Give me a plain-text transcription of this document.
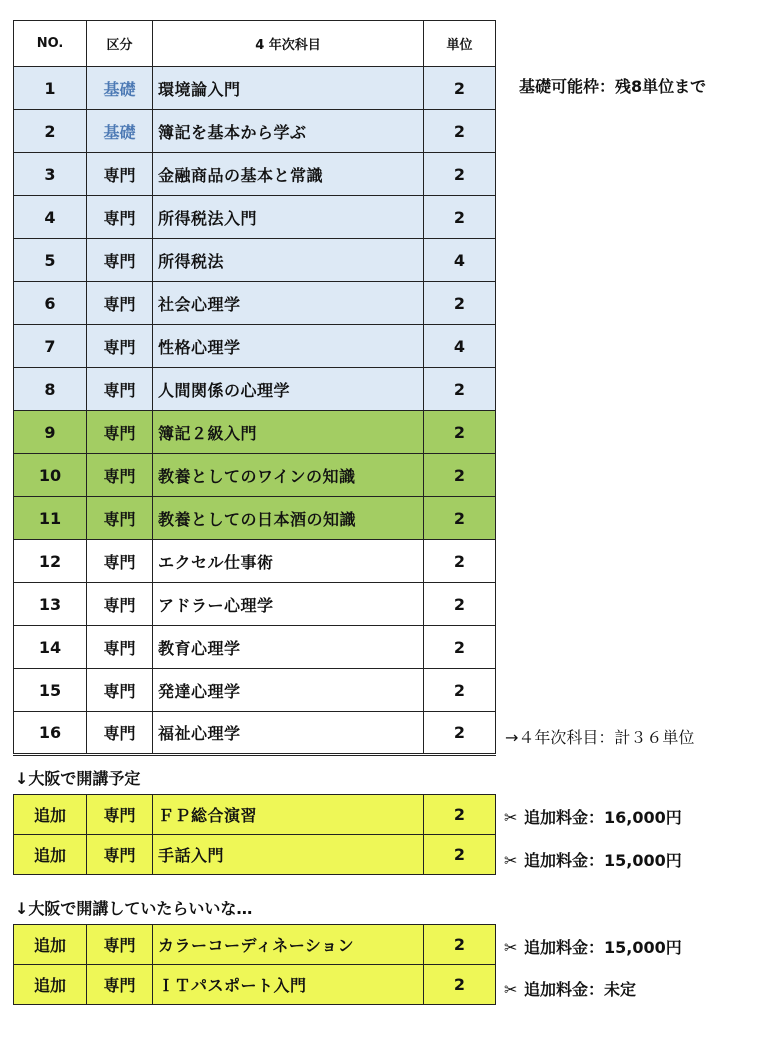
NO.	区分	4 年次科目	単位
1	基礎	環境論入門	2
2	基礎	簿記を基本から学ぶ	2
3	専門	金融商品の基本と常識	2
4	専門	所得税法入門	2
5	専門	所得税法	4
6	専門	社会心理学	2
7	専門	性格心理学	4
8	専門	人間関係の心理学	2
9	専門	簿記２級入門	2
10	専門	教養としてのワインの知識	2
11	専門	教養としての日本酒の知識	2
12	専門	エクセル仕事術	2
13	専門	アドラー心理学	2
14	専門	教育心理学	2
15	専門	発達心理学	2
16	専門	福祉心理学	2
基礎可能枠：残8単位まで
→４年次科目：計３６単位
↓大阪で開講予定
追加	専門	ＦＰ総合演習	2
追加	専門	手話入門	2
✂ 追加料金：16,000円
✂ 追加料金：15,000円
↓大阪で開講していたらいいな…
追加	専門	カラーコーディネーション	2
追加	専門	ＩＴパスポート入門	2
✂ 追加料金：15,000円
✂ 追加料金：未定
